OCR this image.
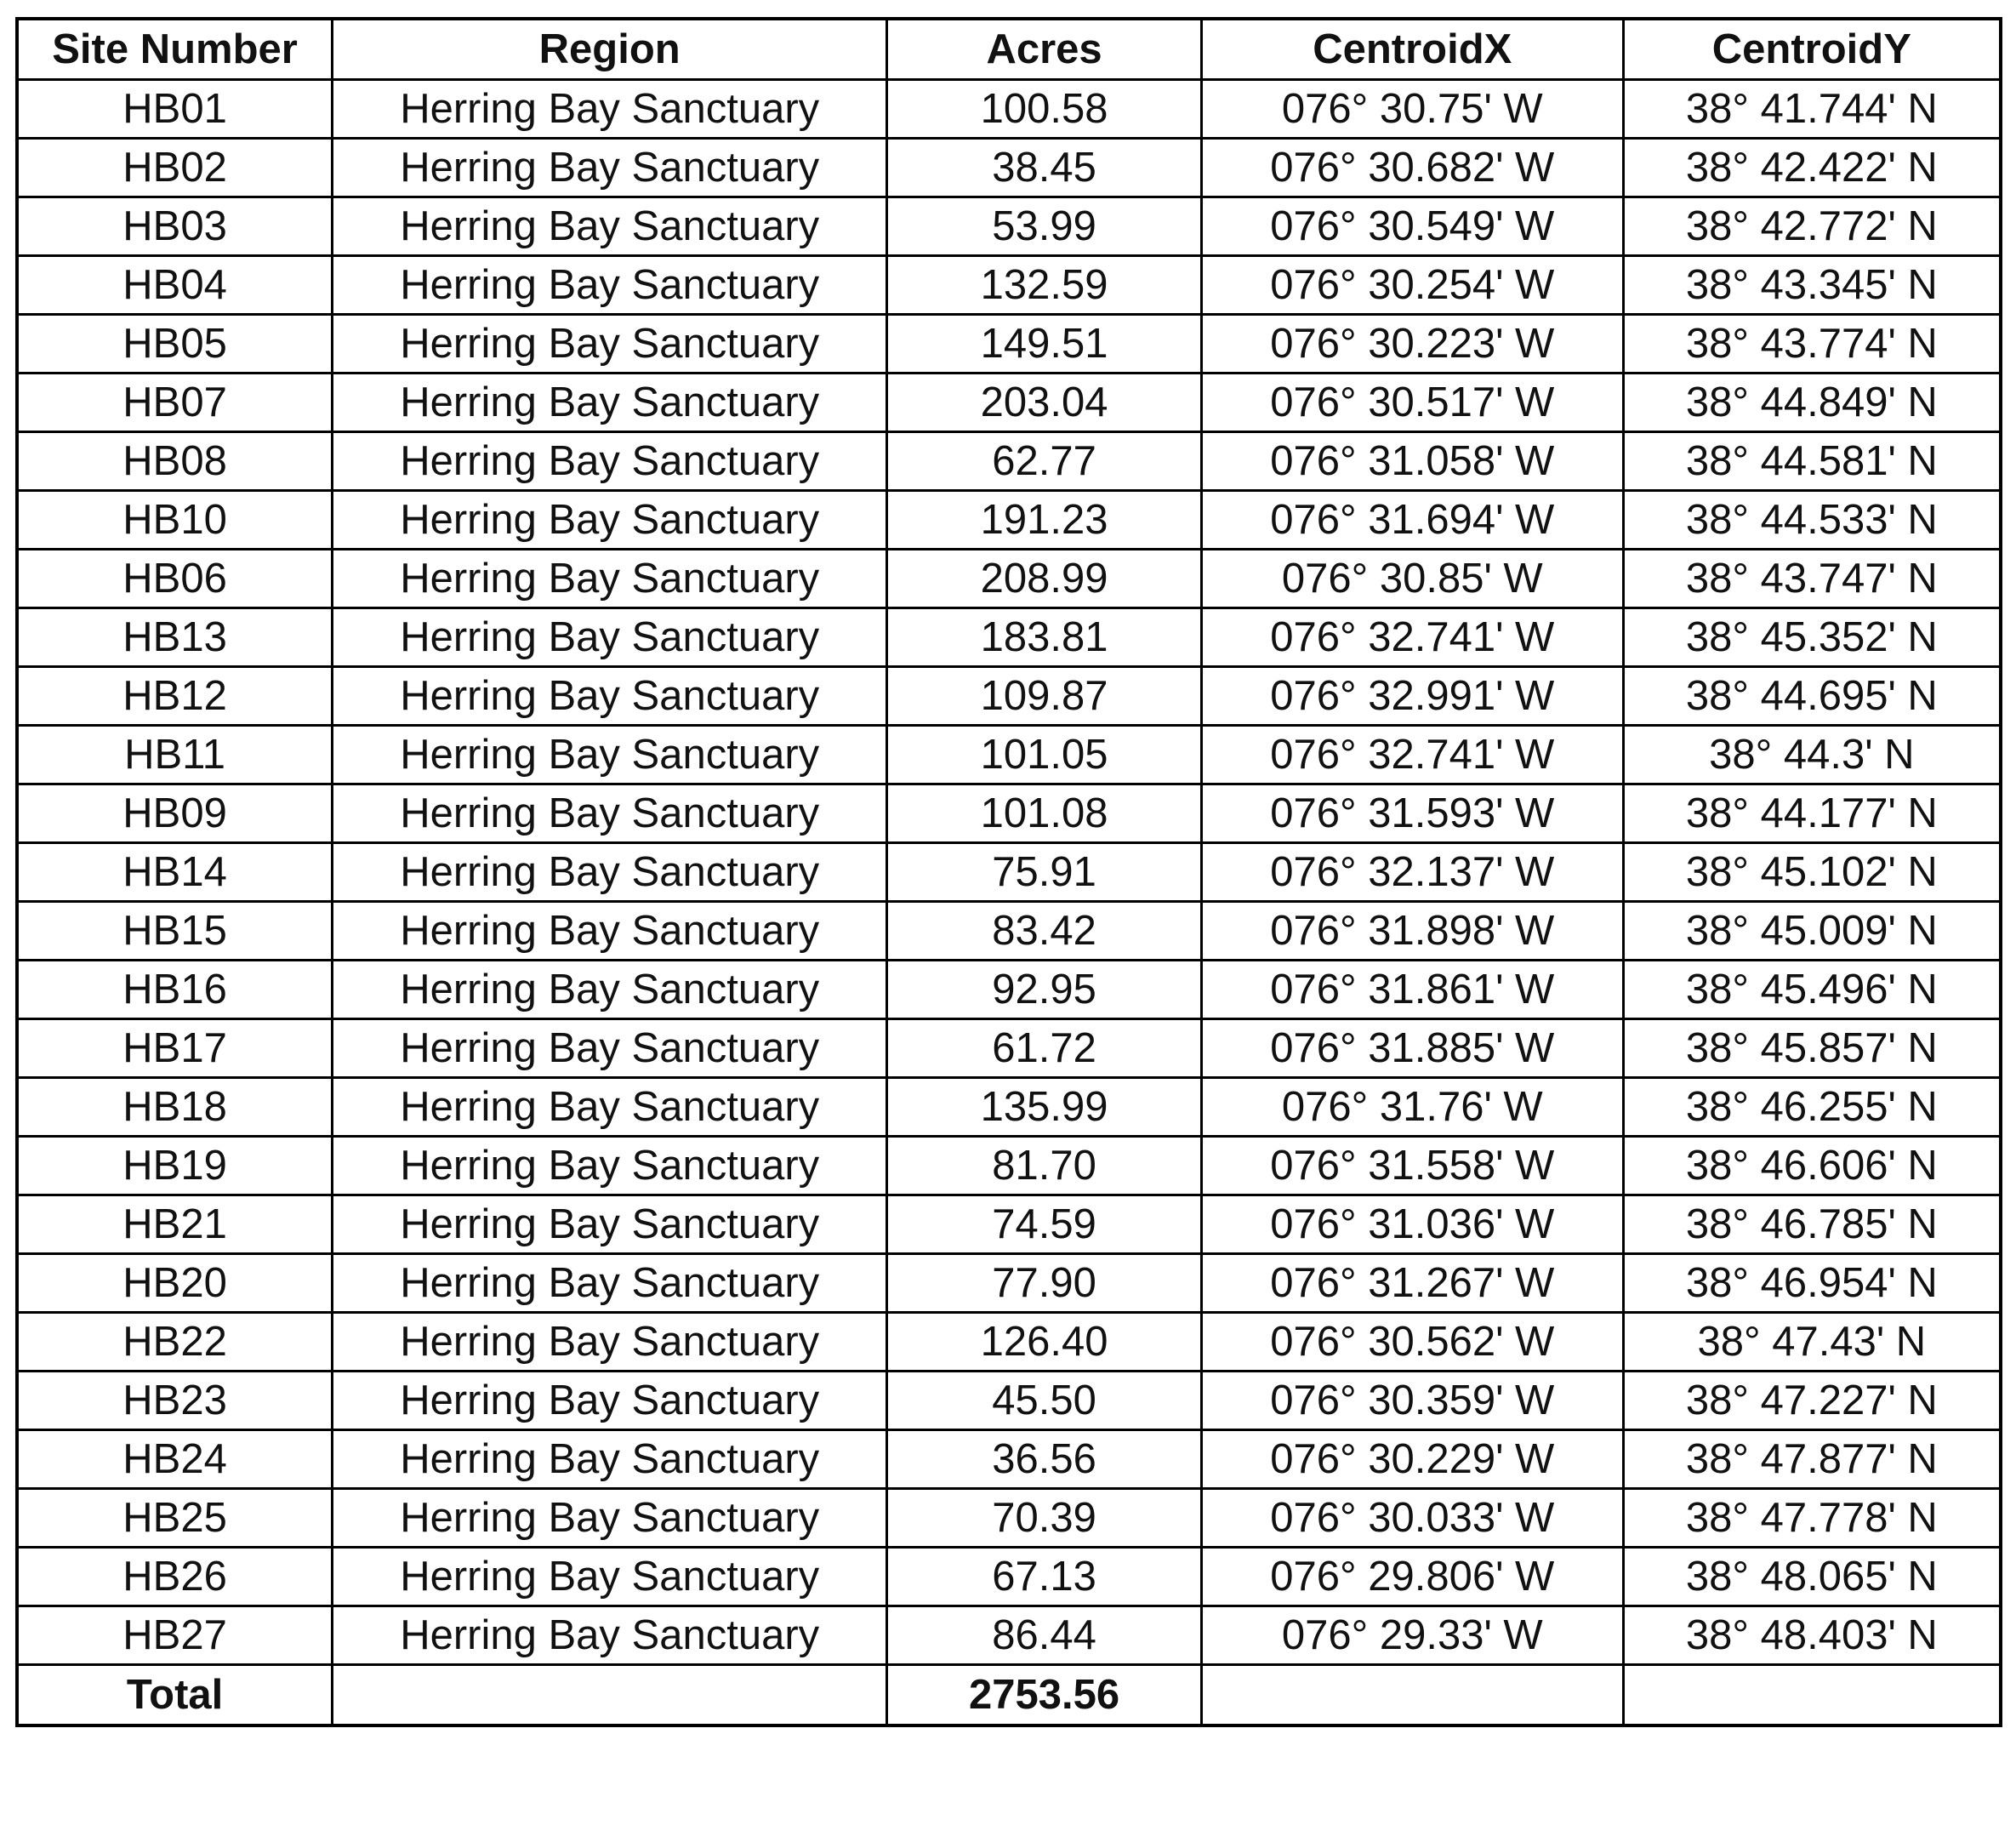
Site Number	Region	Acres	CentroidX	CentroidY
HB01	Herring Bay Sanctuary	100.58	076° 30.75' W	38° 41.744' N
HB02	Herring Bay Sanctuary	38.45	076° 30.682' W	38° 42.422' N
HB03	Herring Bay Sanctuary	53.99	076° 30.549' W	38° 42.772' N
HB04	Herring Bay Sanctuary	132.59	076° 30.254' W	38° 43.345' N
HB05	Herring Bay Sanctuary	149.51	076° 30.223' W	38° 43.774' N
HB07	Herring Bay Sanctuary	203.04	076° 30.517' W	38° 44.849' N
HB08	Herring Bay Sanctuary	62.77	076° 31.058' W	38° 44.581' N
HB10	Herring Bay Sanctuary	191.23	076° 31.694' W	38° 44.533' N
HB06	Herring Bay Sanctuary	208.99	076° 30.85' W	38° 43.747' N
HB13	Herring Bay Sanctuary	183.81	076° 32.741' W	38° 45.352' N
HB12	Herring Bay Sanctuary	109.87	076° 32.991' W	38° 44.695' N
HB11	Herring Bay Sanctuary	101.05	076° 32.741' W	38° 44.3' N
HB09	Herring Bay Sanctuary	101.08	076° 31.593' W	38° 44.177' N
HB14	Herring Bay Sanctuary	75.91	076° 32.137' W	38° 45.102' N
HB15	Herring Bay Sanctuary	83.42	076° 31.898' W	38° 45.009' N
HB16	Herring Bay Sanctuary	92.95	076° 31.861' W	38° 45.496' N
HB17	Herring Bay Sanctuary	61.72	076° 31.885' W	38° 45.857' N
HB18	Herring Bay Sanctuary	135.99	076° 31.76' W	38° 46.255' N
HB19	Herring Bay Sanctuary	81.70	076° 31.558' W	38° 46.606' N
HB21	Herring Bay Sanctuary	74.59	076° 31.036' W	38° 46.785' N
HB20	Herring Bay Sanctuary	77.90	076° 31.267' W	38° 46.954' N
HB22	Herring Bay Sanctuary	126.40	076° 30.562' W	38° 47.43' N
HB23	Herring Bay Sanctuary	45.50	076° 30.359' W	38° 47.227' N
HB24	Herring Bay Sanctuary	36.56	076° 30.229' W	38° 47.877' N
HB25	Herring Bay Sanctuary	70.39	076° 30.033' W	38° 47.778' N
HB26	Herring Bay Sanctuary	67.13	076° 29.806' W	38° 48.065' N
HB27	Herring Bay Sanctuary	86.44	076° 29.33' W	38° 48.403' N
Total		2753.56		
